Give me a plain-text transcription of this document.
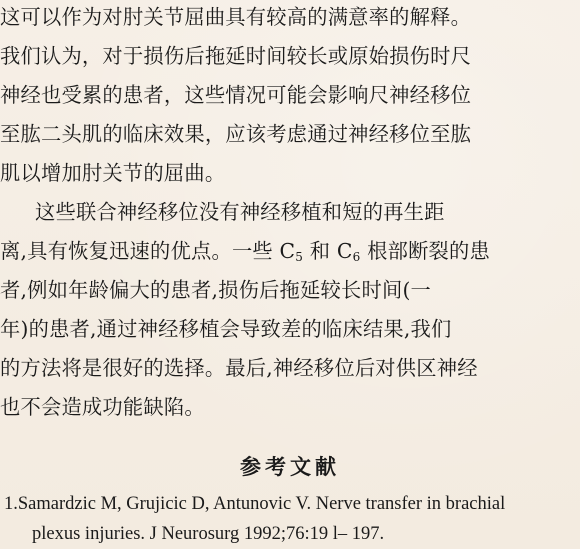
这可以作为对肘关节屈曲具有较高的满意率的解释。
我们认为，对于损伤后拖延时间较长或原始损伤时尺
神经也受累的患者，这些情况可能会影响尺神经移位
至肱二头肌的临床效果，应该考虑通过神经移位至肱
肌以增加肘关节的屈曲。
这些联合神经移位没有神经移植和短的再生距
离,具有恢复迅速的优点。一些 $C_5$ 和 $C_6$ 根部断裂的患
者,例如年龄偏大的患者,损伤后拖延较长时间(一
年)的患者,通过神经移植会导致差的临床结果,我们
的方法将是很好的选择。最后,神经移位后对供区神经
也不会造成功能缺陷。
参考文献
1.Samardzic M, Grujicic D, Antunovic V. Nerve transfer in brachial
plexus injuries. J Neurosurg 1992;76:19 l– 197.
